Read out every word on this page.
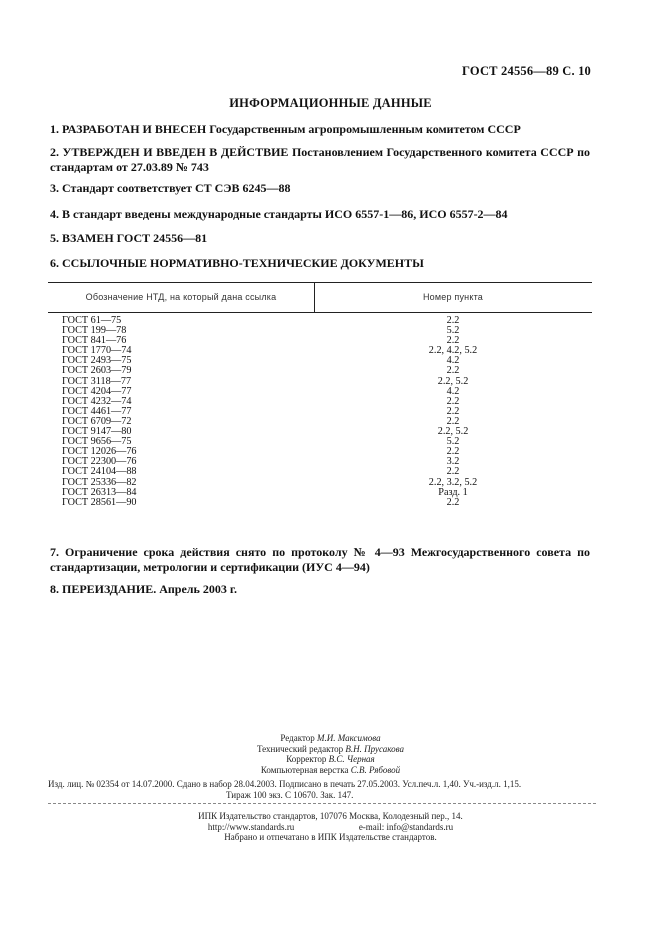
ГОСТ 24556—89 С. 10
ИНФОРМАЦИОННЫЕ ДАННЫЕ
1. РАЗРАБОТАН И ВНЕСЕН Государственным агропромышленным комитетом СССР
2. УТВЕРЖДЕН И ВВЕДЕН В ДЕЙСТВИЕ Постановлением Государственного комитета СССР по стандартам от 27.03.89 № 743
3. Стандарт соответствует СТ СЭВ 6245—88
4. В стандарт введены международные стандарты ИСО 6557-1—86, ИСО 6557-2—84
5. ВЗАМЕН ГОСТ 24556—81
6. ССЫЛОЧНЫЕ НОРМАТИВНО-ТЕХНИЧЕСКИЕ ДОКУМЕНТЫ
Обозначение НТД, на который дана ссылка	Номер пункта
ГОСТ 61—75	2.2
ГОСТ 199—78	5.2
ГОСТ 841—76	2.2
ГОСТ 1770—74	2.2, 4.2, 5.2
ГОСТ 2493—75	4.2
ГОСТ 2603—79	2.2
ГОСТ 3118—77	2.2, 5.2
ГОСТ 4204—77	4.2
ГОСТ 4232—74	2.2
ГОСТ 4461—77	2.2
ГОСТ 6709—72	2.2
ГОСТ 9147—80	2.2, 5.2
ГОСТ 9656—75	5.2
ГОСТ 12026—76	2.2
ГОСТ 22300—76	3.2
ГОСТ 24104—88	2.2
ГОСТ 25336—82	2.2, 3.2, 5.2
ГОСТ 26313—84	Разд. 1
ГОСТ 28561—90	2.2
7. Ограничение срока действия снято по протоколу № 4—93 Межгосударственного совета по стандартизации, метрологии и сертификации (ИУС 4—94)
8. ПЕРЕИЗДАНИЕ. Апрель 2003 г.
Редактор М.И. Максимова
Технический редактор В.Н. Прусакова
Корректор В.С. Черная
Компьютерная верстка С.В. Рябовой
Изд. лиц. № 02354 от 14.07.2000. Сдано в набор 28.04.2003. Подписано в печать 27.05.2003. Усл.печ.л. 1,40. Уч.-изд.л. 1,15.
Тираж 100 экз. С 10670. Зак. 147.
ИПК Издательство стандартов, 107076 Москва, Колодезный пер., 14.
http://www.standards.ru	e-mail: info@standards.ru
Набрано и отпечатано в ИПК Издательстве стандартов.
